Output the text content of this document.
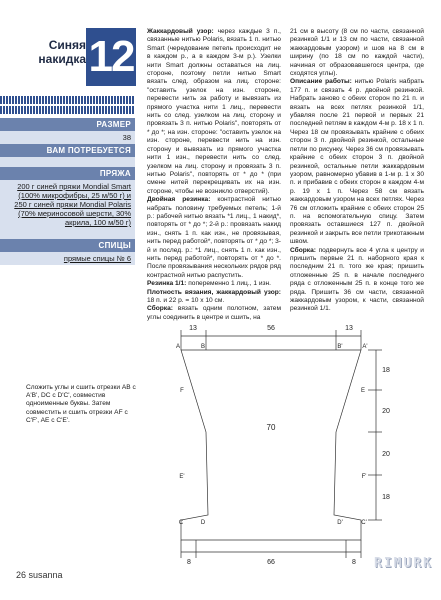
Синяя
накидка 12
РАЗМЕР
38
ВАМ ПОТРЕБУЕТСЯ
ПРЯЖА
200 г синей пряжи Mondial Smart (100% микрофибры, 25 м/50 г) и 250 г синей пряжи Mondial Polaris (70% мериносовой шерсти, 30% акрила, 100 м/50 г)
СПИЦЫ
прямые спицы № 6
Жаккардовый узор: через каждые 3 п., связанные нитью Polaris, вязать 1 п. нитью Smart (чередование петель происходит не в каждом р., а в каждом 3-м р.). Узелки нити Smart должны оставаться на лиц. стороне, поэтому петли нитью Smart вязать след. образом на лиц. стороне: "оставить узелок на изн. стороне, перевести нить за работу и вывязать из прямого участка нити 1 лиц., перевести нить со след. узелком на лиц. сторону и провязать 3 п. нитью Polaris", повторять от * до *; на изн. стороне: "оставить узелок на изн. стороне, перевести нить на изн. сторону и вывязать из прямого участка нити 1 изн., перевести нить со след. узелком на лиц. сторону и провязать 3 п. нитью Polaris", повторять от * до * (при смене нитей перекрещивать их на изн. стороне, чтобы не возникло отверстий).
Двойная резинка: контрастной нитью набрать половину требуемых петель; 1-й р.: рабочей нитью вязать *1 лиц., 1 накид*, повторять от * до *; 2-й р.: провязать накид изн., снять 1 п. как изн., не провязывая, нить перед работой*, повторять от * до *; 3-й и послед. р.: *1 лиц., снять 1 п. как изн., нить перед работой*, повторять от * до *. После провязывания нескольких рядов ряд контрастной нитью распустить.
Резинка 1/1: попеременно 1 лиц., 1 изн.
Плотность вязания, жаккардовый узор: 18 п. и 22 р. = 10 х 10 см.
Сборка: вязать одним полотном, затем углы соединить в центре и сшить, на
21 см в высоту (8 см по части, связанной резинкой 1/1 и 13 см по части, связанной жаккардовым узором) и шов на 8 см в ширину (по 18 см по каждой части), начиная от образовавшегося центра, где сходятся углы).
Описание работы: нитью Polaris набрать 177 п. и связать 4 р. двойной резинкой. Набрать заново с обеих сторон по 21 п. и вязать на всех петлях резинкой 1/1, убавляя после 21 первой и первых 21 последней петлям в каждом 4-м р. 18 х 1 п. Через 18 см провязывать крайние с обеих сторон 3 п. двойной резинкой, остальные петли по рисунку. Через 36 см провязывать крайние с обеих сторон 3 п. двойной резинкой, остальные петли жаккардовым узором, равномерно убавив в 1-м р. 1 х 30 п. и прибавив с обеих сторон в каждом 4-м р. 19 х 1 п. Через 58 см вязать жаккардовым узором на всех петлях. Через 76 см отложить крайние с обеих сторон 25 п. на вспомогательную спицу. Затем провязать оставшиеся 127 п. двойной резинкой и закрыть все петли трикотажным швом.
Сборка: подвернуть все 4 угла к центру и пришить первые 21 п. наборного края к последним 21 п. того же края; пришить отложенные 25 п. в начале последнего ряда с отложенным 25 п. в конце того же ряда. Пришить 36 см части, связанной жаккардовым узором, к части, связанной резинкой 1/1.
Сложить углы и сшить отрезки AB с A'B', DC с D'C', совместив одноименные буквы. Затем совместить и сшить отрезки AF с C'F', AE с C'E'.
13	56	13
8	66	8
18
20
20
18
70
A	A'
B	B'
F	E
E'	F'
C	D	D'	C'
26 susanna
RIMURK
